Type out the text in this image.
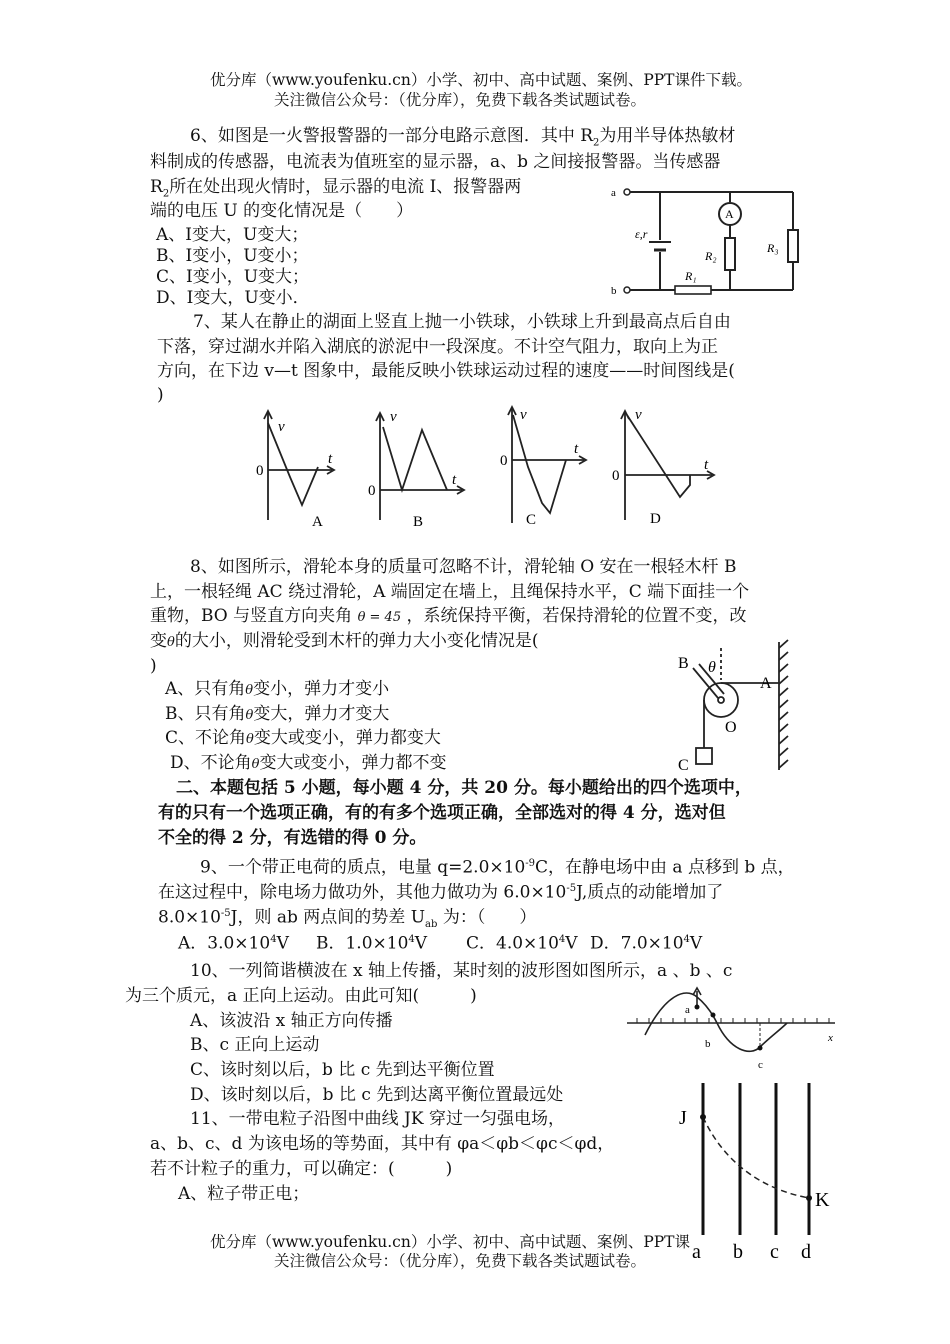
优分库（www.youfenku.cn）小学、初中、高中试题、案例、PPT课件下载。
关注微信公众号：（优分库），免费下载各类试题试卷。
6、如图是一火警报警器的一部分电路示意图．其中 $R_2$为用半导体热敏材
料制成的传感器，电流表为值班室的显示器，a、b 之间接报警器。当传感器
$R_2$所在处出现火情时，显示器的电流 I、报警器两
端的电压 U 的变化情况是（　　）
A、I变大，U变大；
B、I变小，U变小；
C、I变小，U变大；
D、I变大，U变小．
a
b
ε,r
A
R₁
R₂
R₃
7、某人在静止的湖面上竖直上抛一小铁球，小铁球上升到最高点后自由
下落，穿过湖水并陷入湖底的淤泥中一段深度。不计空气阻力，取向上为正
方向，在下边 v—t 图象中，最能反映小铁球运动过程的速度——时间图线是(
)
v
t
0
A
v
t
0
B
v
t
0
C
v
t
0
D
8、如图所示，滑轮本身的质量可忽略不计，滑轮轴 O 安在一根轻木杆 B
上，一根轻绳 AC 绕过滑轮，A 端固定在墙上，且绳保持水平，C 端下面挂一个
重物，BO 与竖直方向夹角 θ = 45 ，系统保持平衡，若保持滑轮的位置不变，改
变θ的大小，则滑轮受到木杆的弹力大小变化情况是(
)
A、只有角θ变小，弹力才变小
B、只有角θ变大，弹力才变大
C、不论角θ变大或变小，弹力都变大
D、不论角θ变大或变小，弹力都不变
B θ
A
O
C
二、本题包括 5 小题，每小题 4 分，共 20 分。每小题给出的四个选项中，
有的只有一个选项正确，有的有多个选项正确，全部选对的得 4 分，选对但
不全的得 2 分，有选错的得 0 分。
9、一个带正电荷的质点，电量 $q=2.0\times 10^{-9}C$，在静电场中由 a 点移到 b 点，
在这过程中，除电场力做功外，其他力做功为 $6.0\times 10^{-5}J$,质点的动能增加了
$8.0\times 10^{-5}J$，则 ab 两点间的势差 $U_{ab}$ 为：（　　）
A．$3.0\times 10^4V$ B．$1.0\times 10^4V$ C．$4.0\times 10^4V$ D．$7.0\times 10^4V$
10、一列简谐横波在 x 轴上传播，某时刻的波形图如图所示，a 、b 、c
为三个质元，a 正向上运动。由此可知(　　　)
A、该波沿 x 轴正方向传播
B、c 正向上运动
C、该时刻以后，b 比 c 先到达平衡位置
D、该时刻以后，b 比 c 先到达离平衡位置最远处
a
b
c
x
11、一带电粒子沿图中曲线 JK 穿过一匀强电场，
a、b、c、d 为该电场的等势面，其中有 φa＜φb＜φc＜φd，
若不计粒子的重力，可以确定：(　　　)
A、粒子带正电；
J
K
a b c d
优分库（www.youfenku.cn）小学、初中、高中试题、案例、PPT课
关注微信公众号：（优分库），免费下载各类试题试卷。
